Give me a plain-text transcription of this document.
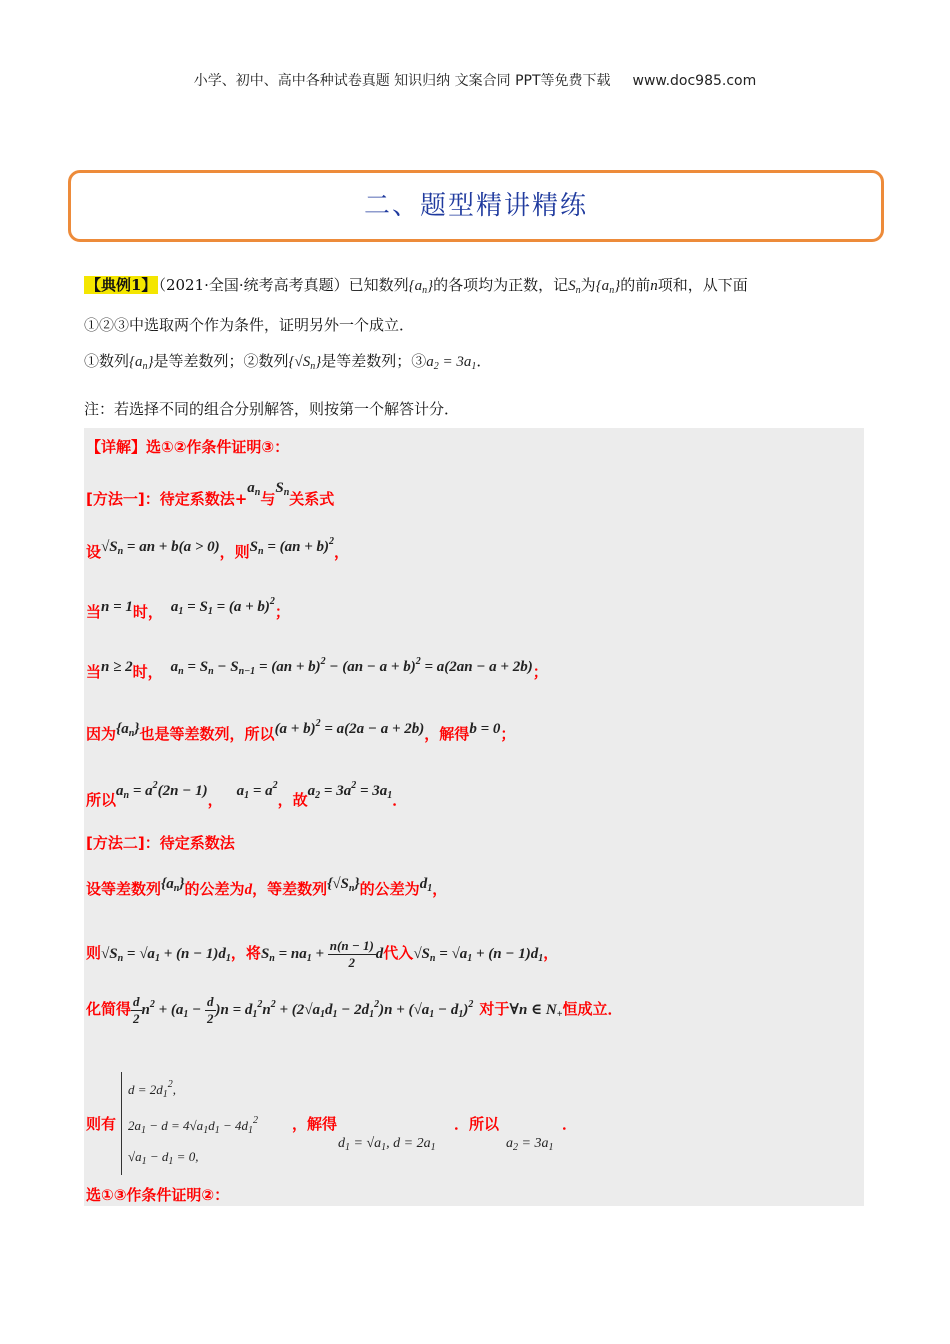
小学、初中、高中各种试卷真题 知识归纳 文案合同 PPT等免费下载 www.doc985.com
二、题型精讲精练
【典例1】 （2021·全国·统考高考真题）已知数列$\{a_n\}$的各项均为正数，记$S_n$为$\{a_n\}$的前n项和，从下面
①②③中选取两个作为条件，证明另外一个成立．
①数列$\{a_n\}$是等差数列；②数列$\{√S_n\}$是等差数列；$③a_2 = 3a_1$．
注：若选择不同的组合分别解答，则按第一个解答计分．
【详解】选①②作条件证明③：
[方法一]：待定系数法$+a_n$与$S_n$关系式
设$√S_n$ = an + b(a > 0)，则$S_n = (an + b)^2$，
当n = 1时， $a_1 = S_1 = (a + b)^2$；
当n ≥ 2时， $a_n = S_n - S_{n-1} = (an + b)^2 - (an - a + b)^2 = a(2an - a + 2b)$；
因为$\{a_n\}$也是等差数列，所以$(a + b)^2 = a(2a - a + 2b)$，解得b = 0；
所以$a_n = a^2(2n - 1)$， $a_1 = a^2$，故$a_2 = 3a^2 = 3a_1$．
[方法二]：待定系数法
设等差数列$\{a_n\}$的公差为d，等差数列$\{√S_n\}$的公差为$d_1$，
则$√S_n = √a_1 + (n - 1)d_1$，将$S_n = na_1 + \frac{n(n - 1)}{2}$ d代入$√S_n = √a_1 + (n - 1)d_1$，
化简得 $\frac{d}{2} n^2 + (a_1 - \frac{d}{2} )n = d_1^2n^2 + (2√a_1d_1 - 2d_1^2)n + (√a_1 - d_1)^2$ 对于∀n ∈ $N_+$恒成立．
$d = 2d_1^2$,
$2a_1 - d = 4√a_1d_1 - 4d_1^2$
$√a_1 - d_1 = 0$,
则有	，解得	．所以	．
$d_1 = √a_1$, $d = 2a_1$	$a_2 = 3a_1$
选①③作条件证明②：
